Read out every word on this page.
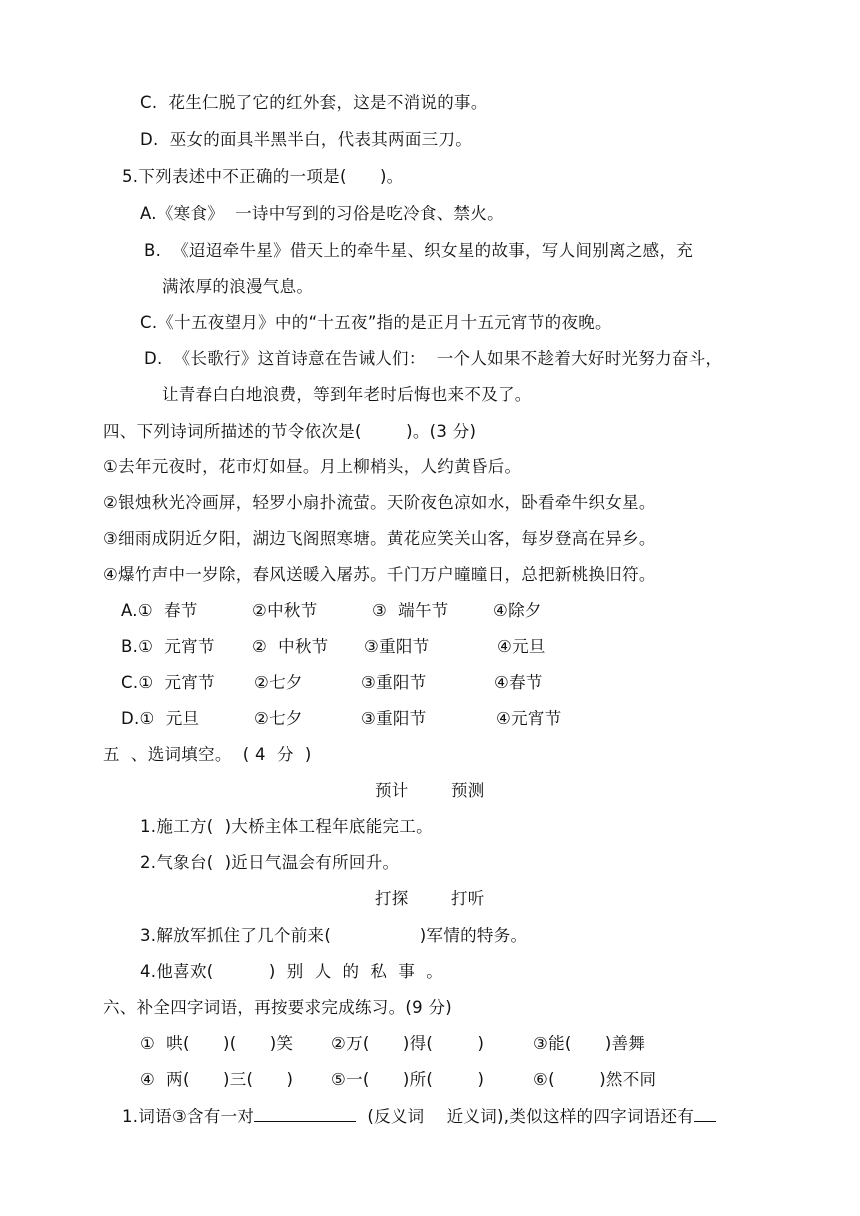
C.  花生仁脱了它的红外套，这是不消说的事。
D.  巫女的面具半黑半白，代表其两面三刀。
5.下列表述中不正确的一项是(      )。
A.《寒食》  一诗中写到的习俗是吃冷食、禁火。
B.  《迢迢牵牛星》借天上的牵牛星、织女星的故事，写人间别离之感，充
满浓厚的浪漫气息。
C.《十五夜望月》中的“十五夜”指的是正月十五元宵节的夜晚。
D.  《长歌行》这首诗意在告诫人们：  一个人如果不趁着大好时光努力奋斗，
让青春白白地浪费，等到年老时后悔也来不及了。
四、下列诗词所描述的节令依次是(        )。(3 分)
①去年元夜时，花市灯如昼。月上柳梢头，人约黄昏后。
②银烛秋光冷画屏，轻罗小扇扑流萤。天阶夜色凉如水，卧看牵牛织女星。
③细雨成阴近夕阳，湖边飞阁照寒塘。黄花应笑关山客，每岁登高在异乡。
④爆竹声中一岁除，春风送暖入屠苏。千门万户曈曈日，总把新桃换旧符。
A.①  春节	②中秋节	③  端午节	④除夕
B.①  元宵节 ②  中秋节 ③重阳节	④元旦
C.①  元宵节 ②七夕	③重阳节	④春节
D.①  元旦	②七夕	③重阳节	④元宵节
五  、选词填空。  ( 4  分  )
预计	预测
1.施工方(  )大桥主体工程年底能完工。
2.气象台(  )近日气温会有所回升。
打探	打听
3.解放军抓住了几个前来(                )军情的特务。
4.他喜欢(          )  别  人  的  私  事  。
六、补全四字词语，再按要求完成练习。(9 分)
①  哄(      )(      )笑 ②万(      )得(        )	③能(      )善舞
④  两(      )三(      ) ⑤一(      )所(        )	⑥(        )然不同
1.词语③含有一对	(反义词    近义词),类似这样的四字词语还有
